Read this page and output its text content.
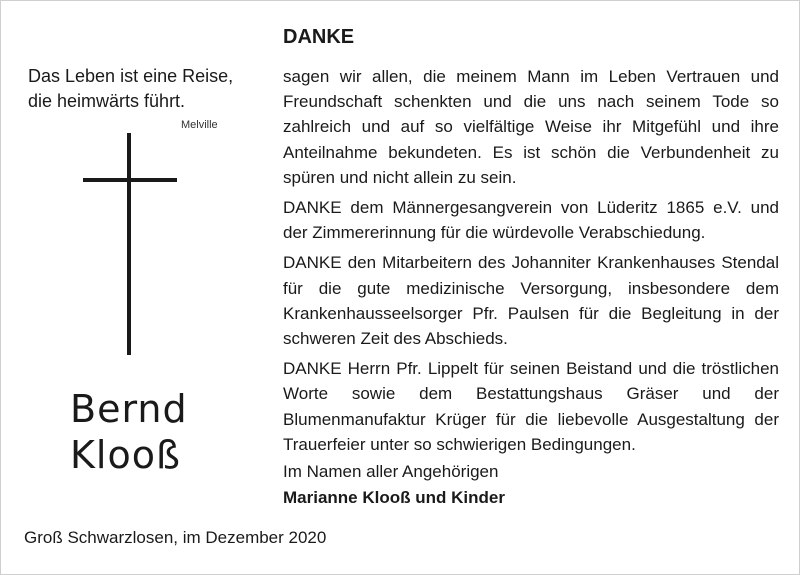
Das Leben ist eine Reise,
die heimwärts führt.
Melville
Bernd
Klooß
DANKE

sagen wir allen, die meinem Mann im Leben Vertrauen und Freundschaft schenkten und die uns nach seinem Tode so zahlreich und auf so vielfältige Weise ihr Mitgefühl und ihre Anteilnahme bekundeten. Es ist schön die Verbundenheit zu spüren und nicht allein zu sein.

DANKE dem Männergesangverein von Lüderitz 1865 e.V. und der Zimmererinnung für die würdevolle Verabschiedung.

DANKE den Mitarbeitern des Johanniter Krankenhauses Stendal für die gute medizinische Versorgung, insbesondere dem Krankenhausseelsorger Pfr. Paulsen für die Begleitung in der schweren Zeit des Abschieds.

DANKE Herrn Pfr. Lippelt für seinen Beistand und die tröstlichen Worte sowie dem Bestattungshaus Gräser und der Blumenmanufaktur Krüger für die liebevolle Ausgestaltung der Trauerfeier unter so schwierigen Bedingungen.

Im Namen aller Angehörigen
Marianne Klooß und Kinder
Groß Schwarzlosen, im Dezember 2020
